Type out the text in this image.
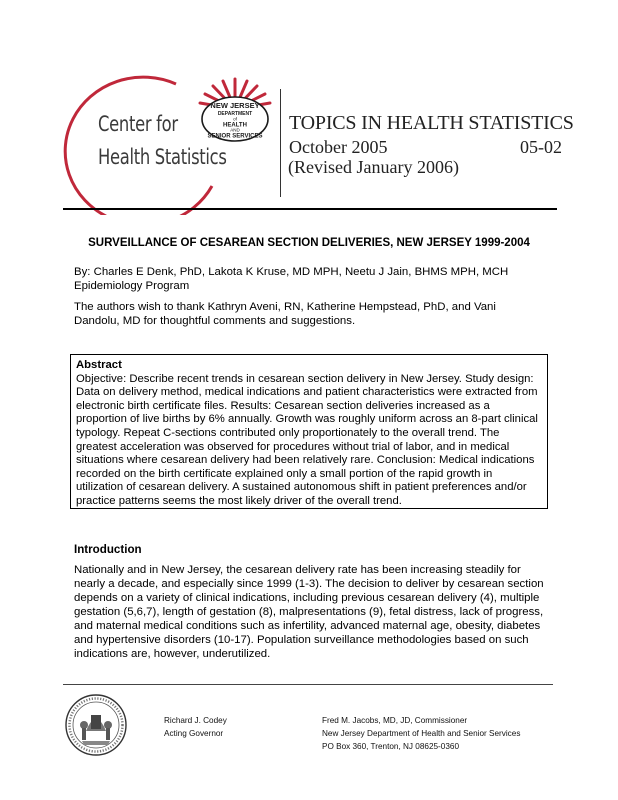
Center for
Health Statistics
NEW JERSEY
DEPARTMENT
of
HEALTH
AND
SENIOR SERVICES
TOPICS IN HEALTH STATISTICS
October 2005	05-02
(Revised January 2006)
SURVEILLANCE OF CESAREAN SECTION DELIVERIES, NEW JERSEY 1999-2004
By: Charles E Denk, PhD, Lakota K Kruse, MD MPH, Neetu J Jain, BHMS MPH, MCH Epidemiology Program
The authors wish to thank Kathryn Aveni, RN, Katherine Hempstead, PhD, and Vani Dandolu, MD for thoughtful comments and suggestions.
Abstract
Objective: Describe recent trends in cesarean section delivery in New Jersey. Study design: Data on delivery method, medical indications and patient characteristics were extracted from electronic birth certificate files. Results: Cesarean section deliveries increased as a proportion of live births by 6% annually. Growth was roughly uniform across an 8-part clinical typology. Repeat C-sections contributed only proportionately to the overall trend. The greatest acceleration was observed for procedures without trial of labor, and in medical situations where cesarean delivery had been relatively rare. Conclusion: Medical indications recorded on the birth certificate explained only a small portion of the rapid growth in utilization of cesarean delivery. A sustained autonomous shift in patient preferences and/or practice patterns seems the most likely driver of the overall trend.
Introduction
Nationally and in New Jersey, the cesarean delivery rate has been increasing steadily for nearly a decade, and especially since 1999 (1-3). The decision to deliver by cesarean section depends on a variety of clinical indications, including previous cesarean delivery (4), multiple gestation (5,6,7), length of gestation (8), malpresentations (9), fetal distress, lack of progress, and maternal medical conditions such as infertility, advanced maternal age, obesity, diabetes and hypertensive disorders (10-17). Population surveillance methodologies based on such indications are, however, underutilized.
Richard J. Codey
Acting Governor
Fred M. Jacobs, MD, JD, Commissioner
New Jersey Department of Health and Senior Services
PO Box 360, Trenton, NJ 08625-0360
